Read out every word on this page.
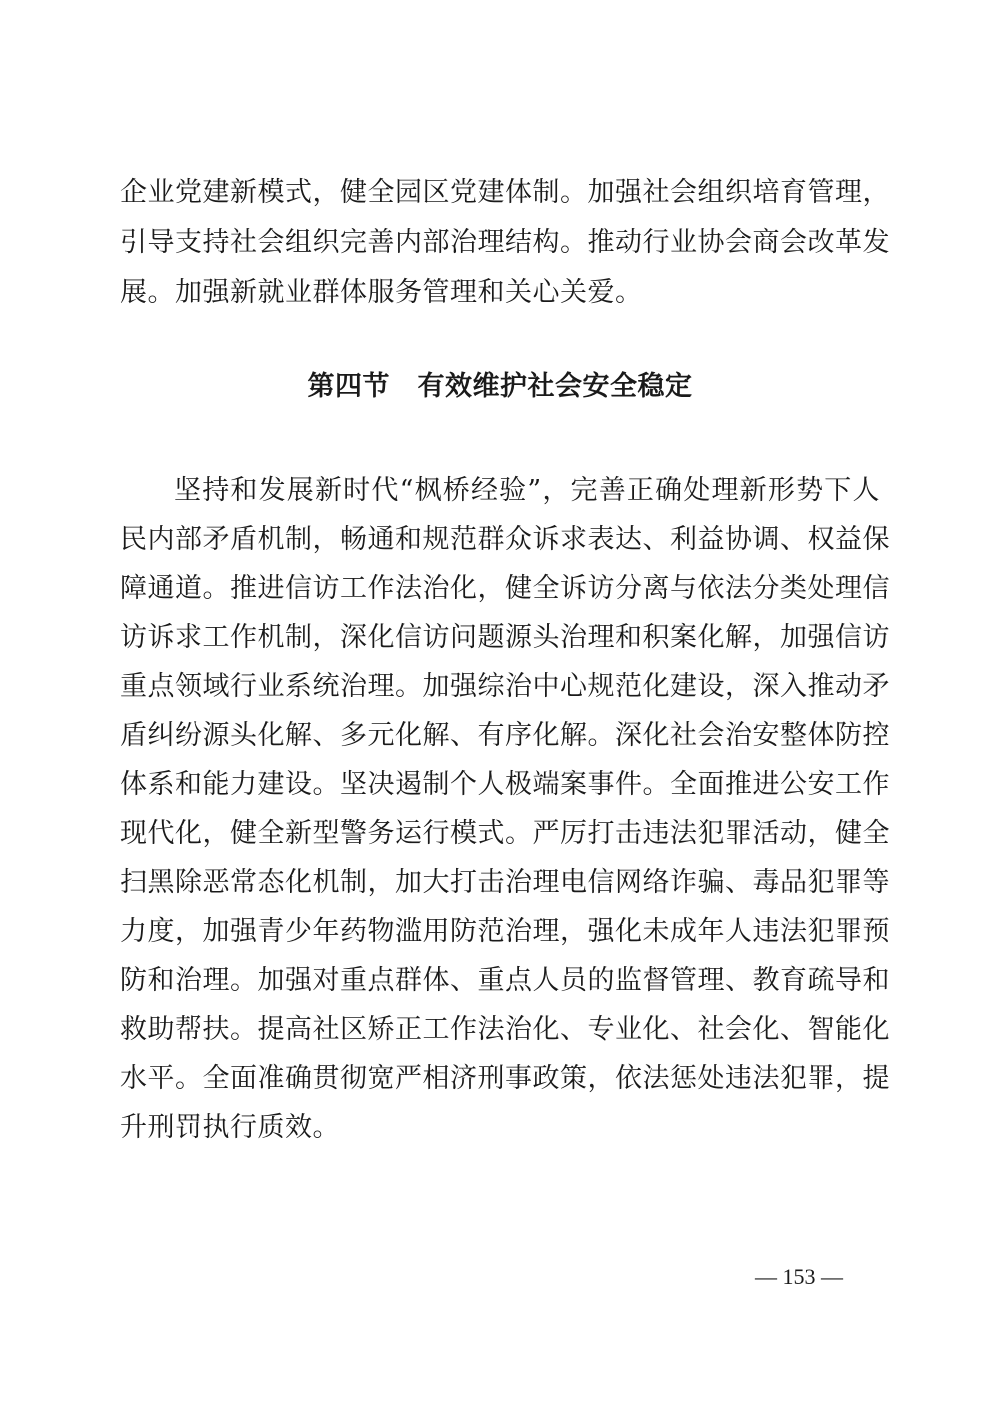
企业党建新模式，健全园区党建体制。加强社会组织培育管理，
引导支持社会组织完善内部治理结构。推动行业协会商会改革发
展。加强新就业群体服务管理和关心关爱。
第四节　有效维护社会安全稳定
坚持和发展新时代“枫桥经验”，完善正确处理新形势下人
民内部矛盾机制，畅通和规范群众诉求表达、利益协调、权益保
障通道。推进信访工作法治化，健全诉访分离与依法分类处理信
访诉求工作机制，深化信访问题源头治理和积案化解，加强信访
重点领域行业系统治理。加强综治中心规范化建设，深入推动矛
盾纠纷源头化解、多元化解、有序化解。深化社会治安整体防控
体系和能力建设。坚决遏制个人极端案事件。全面推进公安工作
现代化，健全新型警务运行模式。严厉打击违法犯罪活动，健全
扫黑除恶常态化机制，加大打击治理电信网络诈骗、毒品犯罪等
力度，加强青少年药物滥用防范治理，强化未成年人违法犯罪预
防和治理。加强对重点群体、重点人员的监督管理、教育疏导和
救助帮扶。提高社区矫正工作法治化、专业化、社会化、智能化
水平。全面准确贯彻宽严相济刑事政策，依法惩处违法犯罪，提
升刑罚执行质效。
— 153 —
